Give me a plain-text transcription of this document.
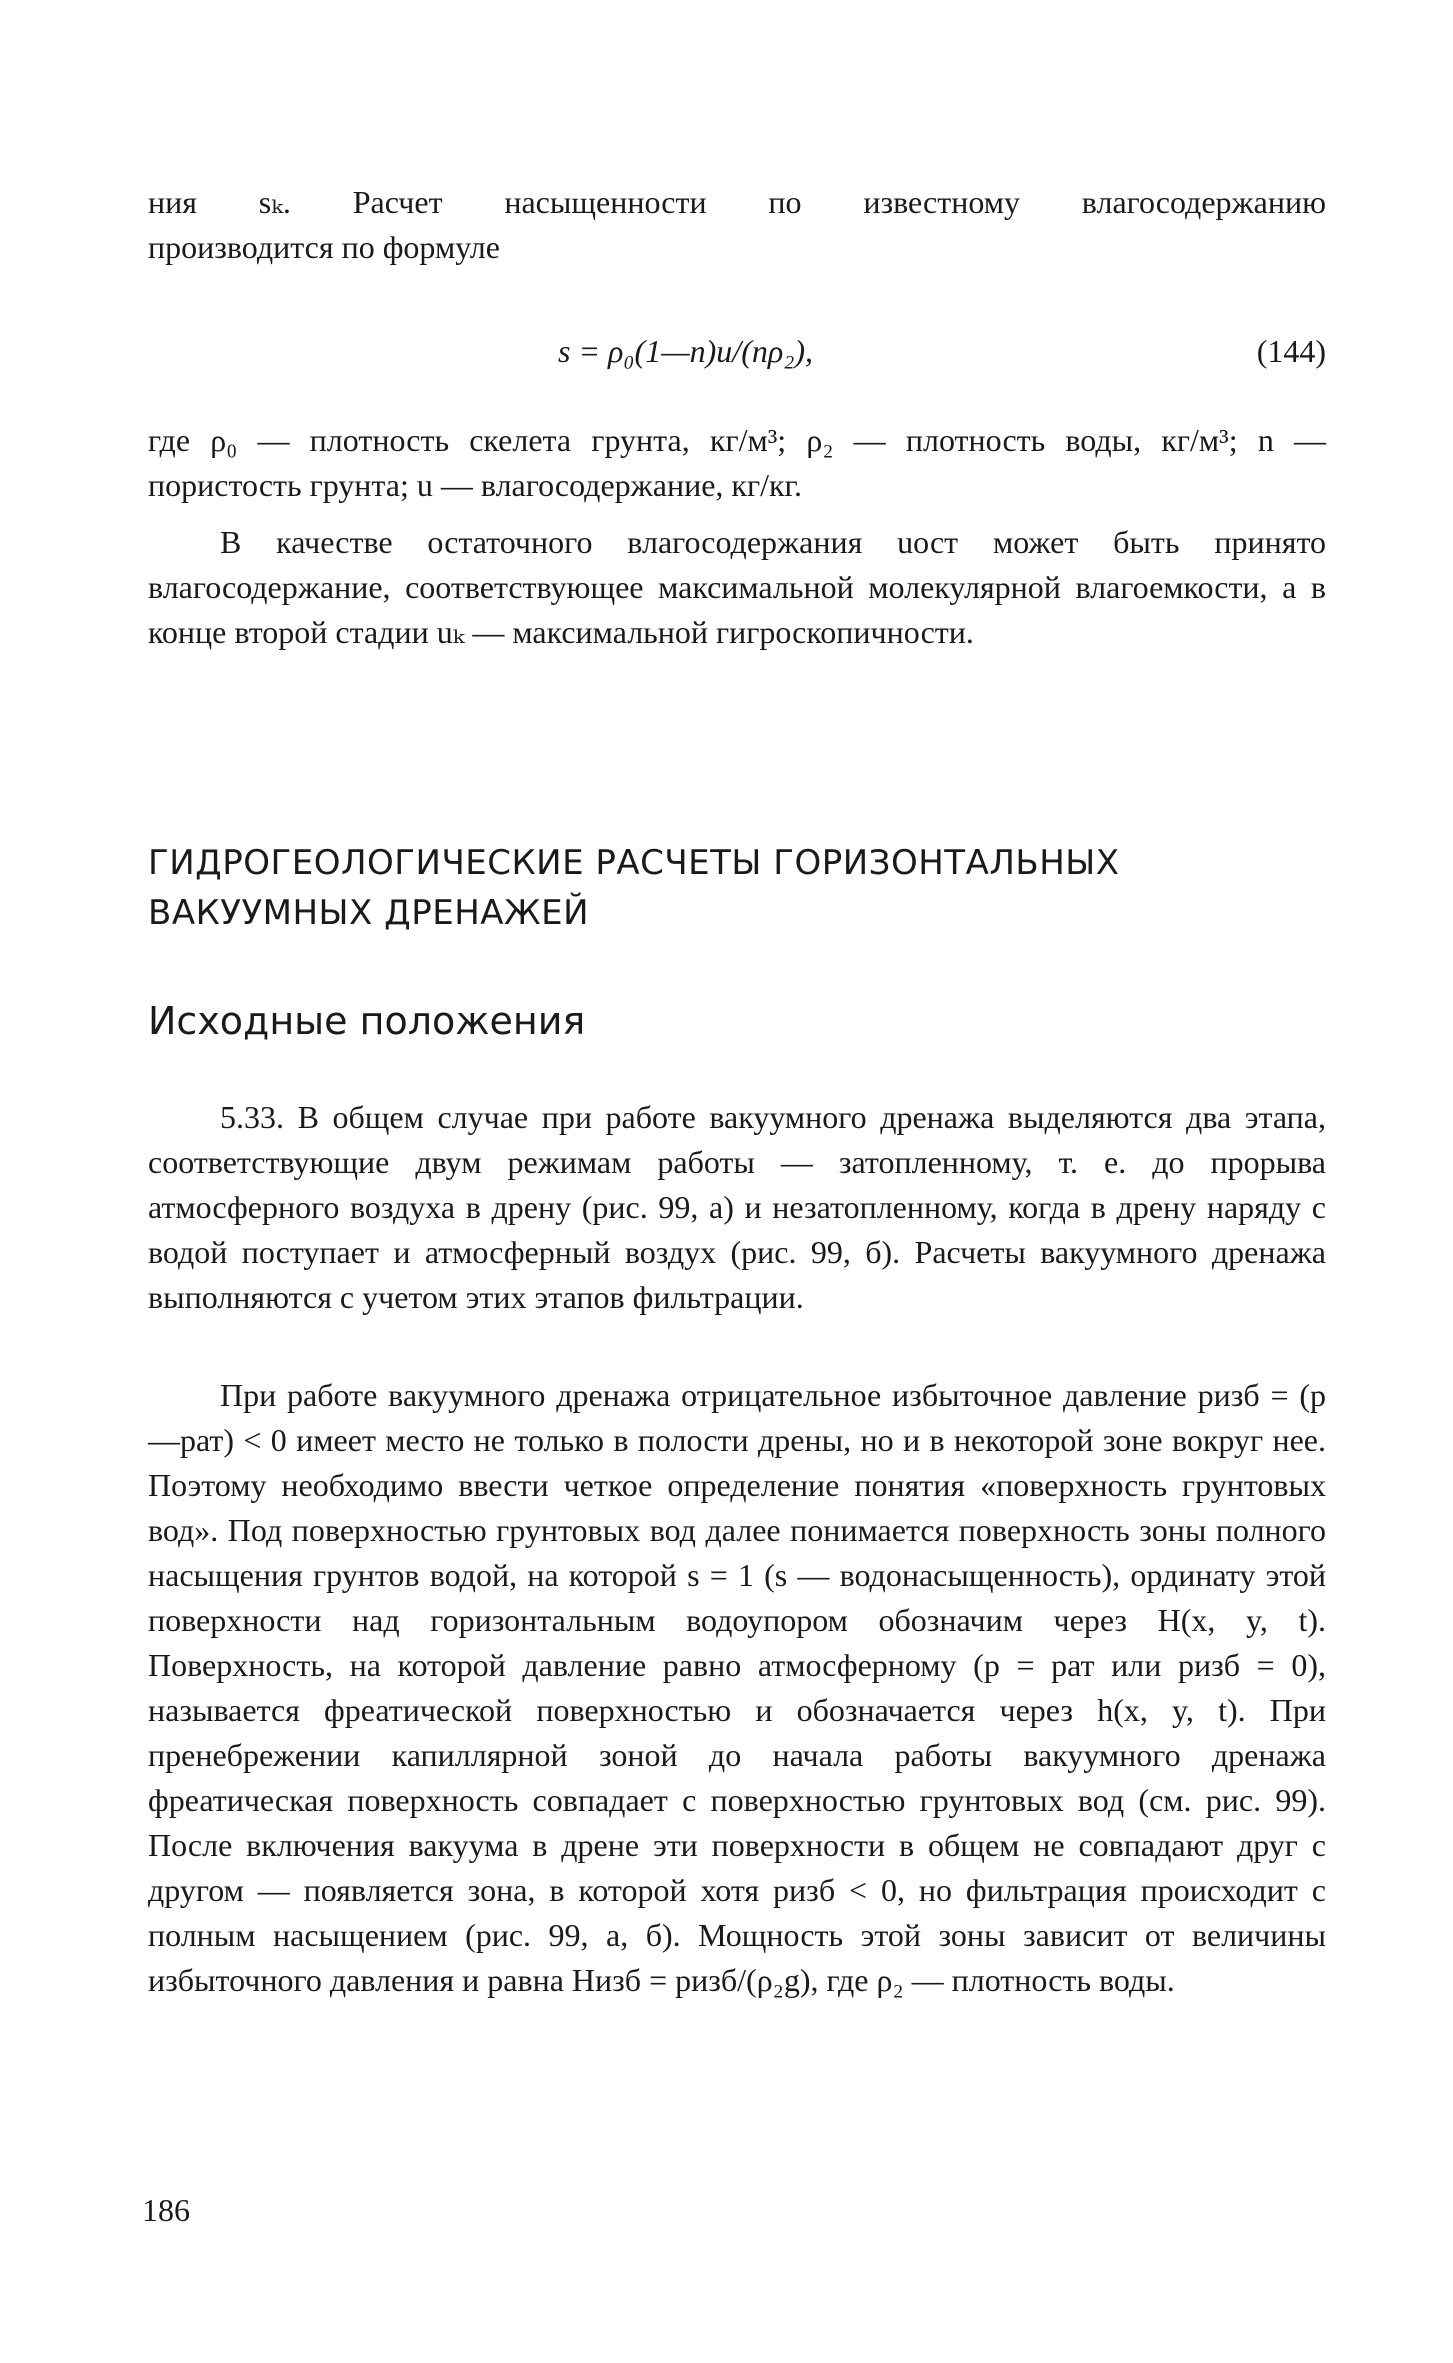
ния sₖ. Расчет насыщенности по известному влагосодержанию

производится по формуле

s = ρ₀(1—n)u/(nρ₂),	(144)

где ρ₀ — плотность скелета грунта, кг/м³; ρ₂ — плотность воды, кг/м³; n — пористость грунта; u — влагосодержание, кг/кг.

В качестве остаточного влагосодержания uост может быть принято влагосодержание, соответствующее максимальной молекулярной влагоемкости, а в конце второй стадии uₖ — максимальной гигроскопичности.

ГИДРОГЕОЛОГИЧЕСКИЕ РАСЧЕТЫ ГОРИЗОНТАЛЬНЫХ
ВАКУУМНЫХ ДРЕНАЖЕЙ
Исходные положения

5.33. В общем случае при работе вакуумного дренажа выделяются два этапа, соответствующие двум режимам работы — затопленному, т. е. до прорыва атмосферного воздуха в дрену (рис. 99, а) и незатопленному, когда в дрену наряду с водой поступает и атмосферный воздух (рис. 99, б). Расчеты вакуумного дренажа выполняются с учетом этих этапов фильтрации.

При работе вакуумного дренажа отрицательное избыточное давление pизб = (p—pат) < 0 имеет место не только в полости дрены, но и в некоторой зоне вокруг нее. Поэтому необходимо ввести четкое определение понятия «поверхность грунтовых вод». Под поверхностью грунтовых вод далее понимается поверхность зоны полного насыщения грунтов водой, на которой s = 1 (s — водонасыщенность), ординату этой поверхности над горизонтальным водоупором обозначим через H(x, y, t). Поверхность, на которой давление равно атмосферному (p = pат или pизб = 0), называется фреатической поверхностью и обозначается через h(x, y, t). При пренебрежении капиллярной зоной до начала работы вакуумного дренажа фреатическая поверхность совпадает с поверхностью грунтовых вод (см. рис. 99). После включения вакуума в дрене эти поверхности в общем не совпадают друг с другом — появляется зона, в которой хотя pизб < 0, но фильтрация происходит с полным насыщением (рис. 99, а, б). Мощность этой зоны зависит от величины избыточного давления и равна Hизб = pизб/(ρ₂g), где ρ₂ — плотность воды.

186
